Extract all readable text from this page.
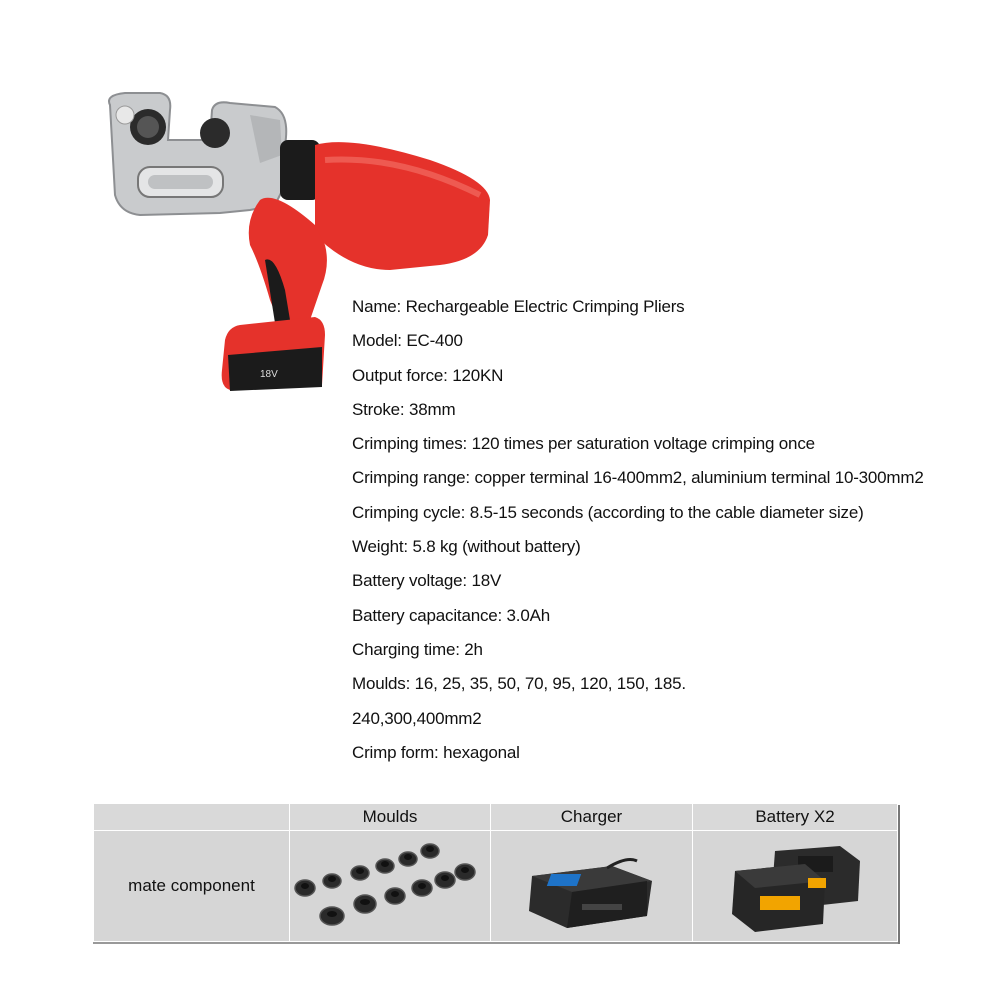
18V
Name: Rechargeable Electric Crimping Pliers
Model: EC-400
Output force: 120KN
Stroke: 38mm
Crimping times: 120 times per saturation voltage crimping once
Crimping range: copper terminal 16-400mm2, aluminium terminal 10-300mm2
Crimping cycle: 8.5-15 seconds (according to the cable diameter size)
Weight: 5.8 kg (without battery)
Battery voltage: 18V
Battery capacitance: 3.0Ah
Charging time: 2h
Moulds: 16, 25, 35, 50, 70, 95, 120, 150, 185.
240,300,400mm2
Crimp form: hexagonal
	Moulds	Charger	Battery X2
mate component	
